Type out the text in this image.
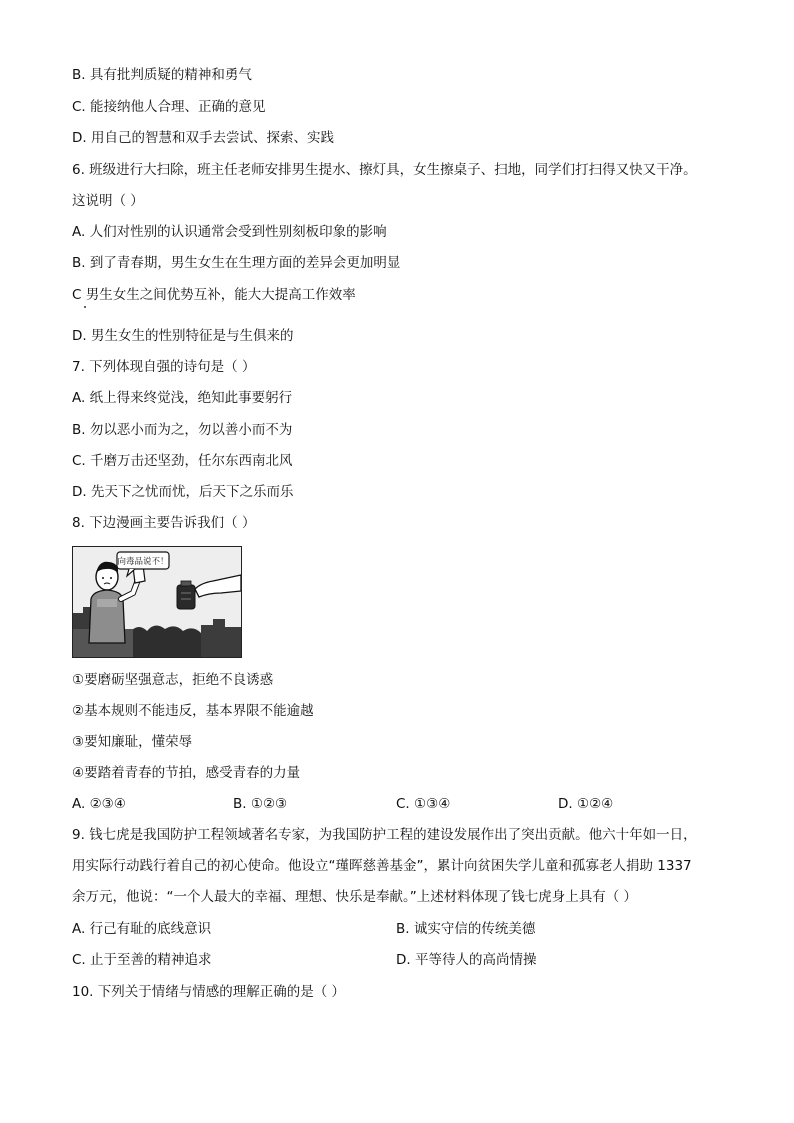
B. 具有批判质疑的精神和勇气
C. 能接纳他人合理、正确的意见
D. 用自己的智慧和双手去尝试、探索、实践
6. 班级进行大扫除，班主任老师安排男生提水、擦灯具，女生擦桌子、扫地，同学们打扫得又快又干净。
这说明（ ）
A. 人们对性别的认识通常会受到性别刻板印象的影响
B. 到了青春期，男生女生在生理方面的差异会更加明显
C 男生女生之间优势互补，能大大提高工作效率
D. 男生女生的性别特征是与生俱来的
7. 下列体现自强的诗句是（ ）
A. 纸上得来终觉浅，绝知此事要躬行
B. 勿以恶小而为之，勿以善小而不为
C. 千磨万击还坚劲，任尔东西南北风
D. 先天下之忧而忧，后天下之乐而乐
8. 下边漫画主要告诉我们（ ）
向毒品说不！
①要磨砺坚强意志，拒绝不良诱惑
②基本规则不能违反，基本界限不能逾越
③要知廉耻，懂荣辱
④要踏着青春的节拍，感受青春的力量
A. ②③④	B. ①②③	C. ①③④	D. ①②④
9. 钱七虎是我国防护工程领域著名专家，为我国防护工程的建设发展作出了突出贡献。他六十年如一日，
用实际行动践行着自己的初心使命。他设立“瑾晖慈善基金”，累计向贫困失学儿童和孤寡老人捐助 1337
余万元，他说：“一个人最大的幸福、理想、快乐是奉献。”上述材料体现了钱七虎身上具有（ ）
A. 行己有耻的底线意识	B. 诚实守信的传统美德
C. 止于至善的精神追求	D. 平等待人的高尚情操
10. 下列关于情绪与情感的理解正确的是（ ）
